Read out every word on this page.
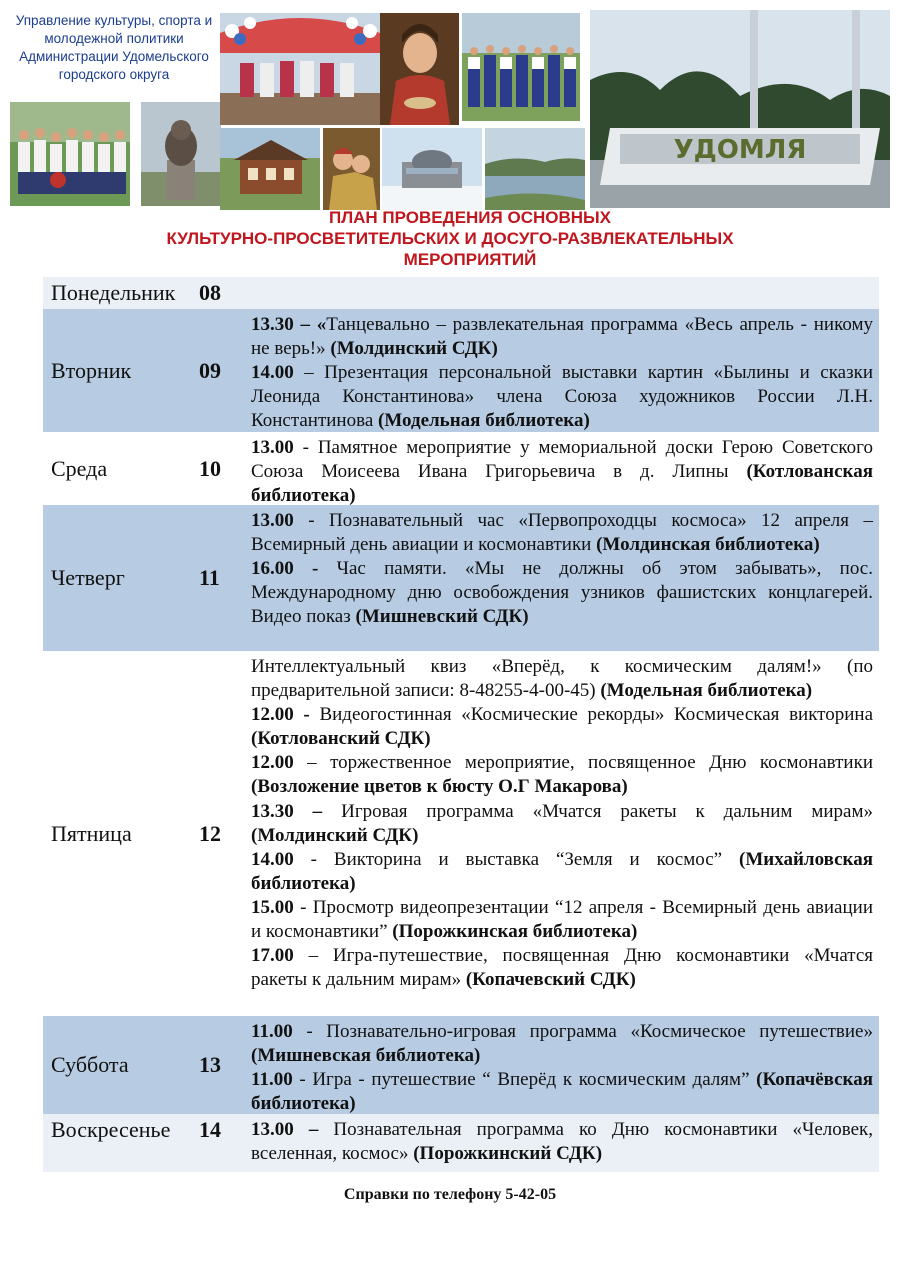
Управление культуры, спорта и
молодежной политики
Администрации Удомельского
городского округа
УДОМЛЯ
ПЛАН ПРОВЕДЕНИЯ ОСНОВНЫХ
КУЛЬТУРНО-ПРОСВЕТИТЕЛЬСКИХ И ДОСУГО-РАЗВЛЕКАТЕЛЬНЫХ
МЕРОПРИЯТИЙ
Понедельник	08
Вторник	09

13.30 – «Танцевально – развлекательная программа «Весь апрель - никому не верь!» (Молдинский СДК)

14.00 – Презентация персональной выставки картин «Былины и сказки Леонида Константинова» члена Союза художников России Л.Н. Константинова (Модельная библиотека)

Среда	10

13.00 - Памятное мероприятие у мемориальной доски Герою Советского Союза Моисеева Ивана Григорьевича в д. Липны (Котлованская библиотека)

Четверг	11

13.00 - Познавательный час «Первопроходцы космоса» 12 апреля – Всемирный день авиации и космонавтики (Молдинская библиотека)

16.00 - Час памяти. «Мы не должны об этом забывать», пос. Международному дню освобождения узников фашистских концлагерей. Видео показ (Мишневский СДК)

Пятница	12

Интеллектуальный квиз «Вперёд, к космическим далям!» (по предварительной записи: 8-48255-4-00-45) (Модельная библиотека)

12.00 - Видеогостинная «Космические рекорды» Космическая викторина (Котлованский СДК)

12.00 – торжественное мероприятие, посвященное Дню космонавтики (Возложение цветов к бюсту О.Г Макарова)

13.30 – Игровая программа «Мчатся ракеты к дальним мирам» (Молдинский СДК)

14.00 - Викторина и выставка “Земля и космос” (Михайловская библиотека)

15.00 - Просмотр видеопрезентации “12 апреля - Всемирный день авиации и космонавтики” (Порожкинская библиотека)

17.00 – Игра-путешествие, посвященная Дню космонавтики «Мчатся ракеты к дальним мирам» (Копачевский СДК)

Суббота	13

11.00 - Познавательно-игровая программа «Космическое путешествие» (Мишневская библиотека)

11.00 - Игра - путешествие “ Вперёд к космическим далям” (Копачёвская библиотека)

Воскресенье	14	13.00 – Познавательная программа ко Дню космонавтики «Человек, вселенная, космос» (Порожкинский СДК)

Справки по телефону 5-42-05
